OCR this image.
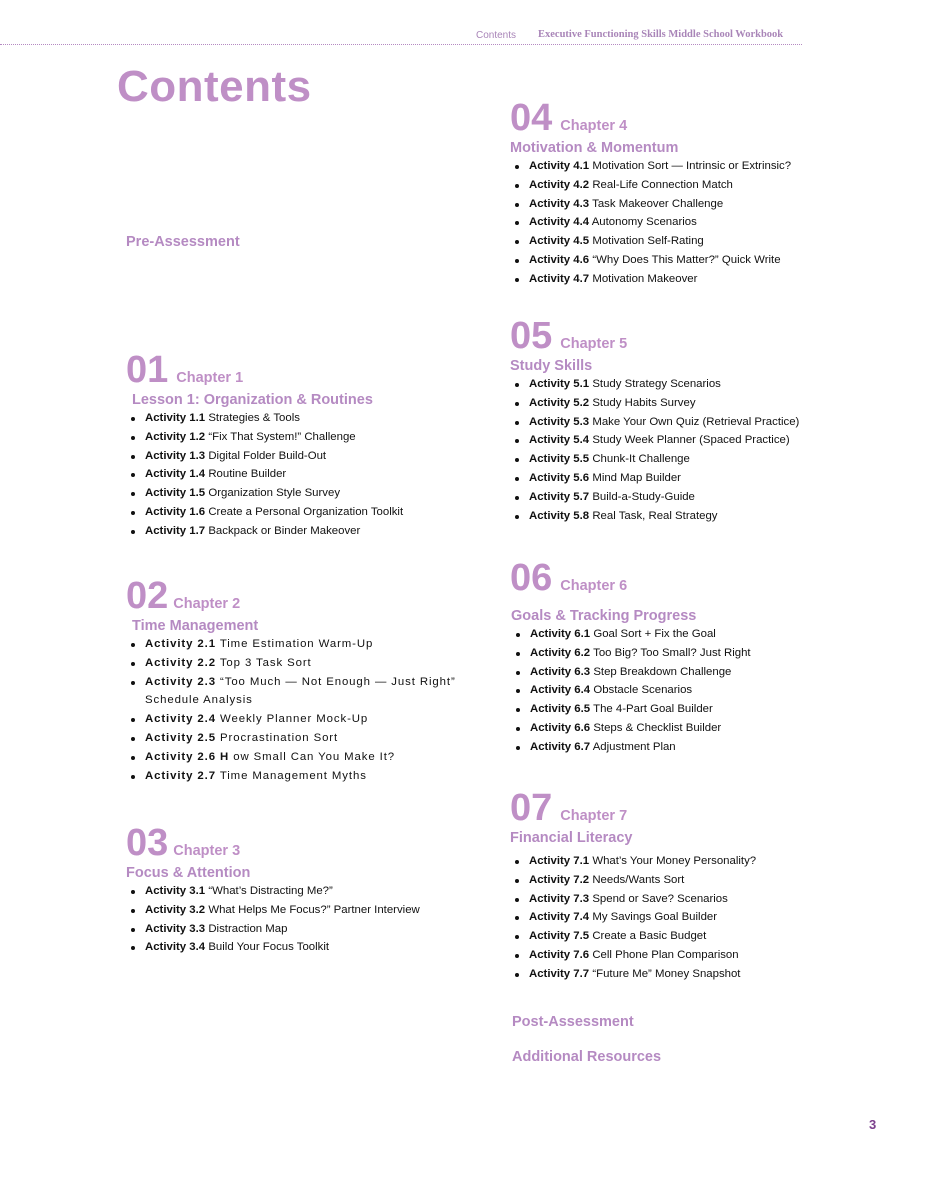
Contents Executive Functioning Skills Middle School Workbook
Contents
Pre-Assessment
01 Chapter 1
Lesson 1: Organization & Routines
Activity 1.1 Strategies & Tools
Activity 1.2 “Fix That System!” Challenge
Activity 1.3 Digital Folder Build-Out
Activity 1.4 Routine Builder
Activity 1.5 Organization Style Survey
Activity 1.6 Create a Personal Organization Toolkit
Activity 1.7 Backpack or Binder Makeover
02 Chapter 2
Time Management
Activity 2.1 Time Estimation Warm-Up
Activity 2.2 Top 3 Task Sort
Activity 2.3 “Too Much — Not Enough — Just Right” Schedule Analysis
Activity 2.4 Weekly Planner Mock-Up
Activity 2.5 Procrastination Sort
Activity 2.6 H ow Small Can You Make It?
Activity 2.7 Time Management Myths
03 Chapter 3
Focus & Attention
Activity 3.1 “What’s Distracting Me?”
Activity 3.2 What Helps Me Focus?” Partner Interview
Activity 3.3 Distraction Map
Activity 3.4 Build Your Focus Toolkit
04 Chapter 4
Motivation & Momentum
Activity 4.1 Motivation Sort — Intrinsic or Extrinsic?
Activity 4.2 Real-Life Connection Match
Activity 4.3 Task Makeover Challenge
Activity 4.4 Autonomy Scenarios
Activity 4.5 Motivation Self-Rating
Activity 4.6 “Why Does This Matter?” Quick Write
Activity 4.7 Motivation Makeover
05 Chapter 5
Study Skills
Activity 5.1 Study Strategy Scenarios
Activity 5.2 Study Habits Survey
Activity 5.3 Make Your Own Quiz (Retrieval Practice)
Activity 5.4 Study Week Planner (Spaced Practice)
Activity 5.5 Chunk-It Challenge
Activity 5.6 Mind Map Builder
Activity 5.7 Build-a-Study-Guide
Activity 5.8 Real Task, Real Strategy
06 Chapter 6
Goals & Tracking Progress
Activity 6.1 Goal Sort + Fix the Goal
Activity 6.2 Too Big? Too Small? Just Right
Activity 6.3 Step Breakdown Challenge
Activity 6.4 Obstacle Scenarios
Activity 6.5 The 4-Part Goal Builder
Activity 6.6 Steps & Checklist Builder
Activity 6.7 Adjustment Plan
07 Chapter 7
Financial Literacy
Activity 7.1 What’s Your Money Personality?
Activity 7.2 Needs/Wants Sort
Activity 7.3 Spend or Save? Scenarios
Activity 7.4 My Savings Goal Builder
Activity 7.5 Create a Basic Budget
Activity 7.6 Cell Phone Plan Comparison
Activity 7.7 “Future Me” Money Snapshot
Post-Assessment
Additional Resources
3
